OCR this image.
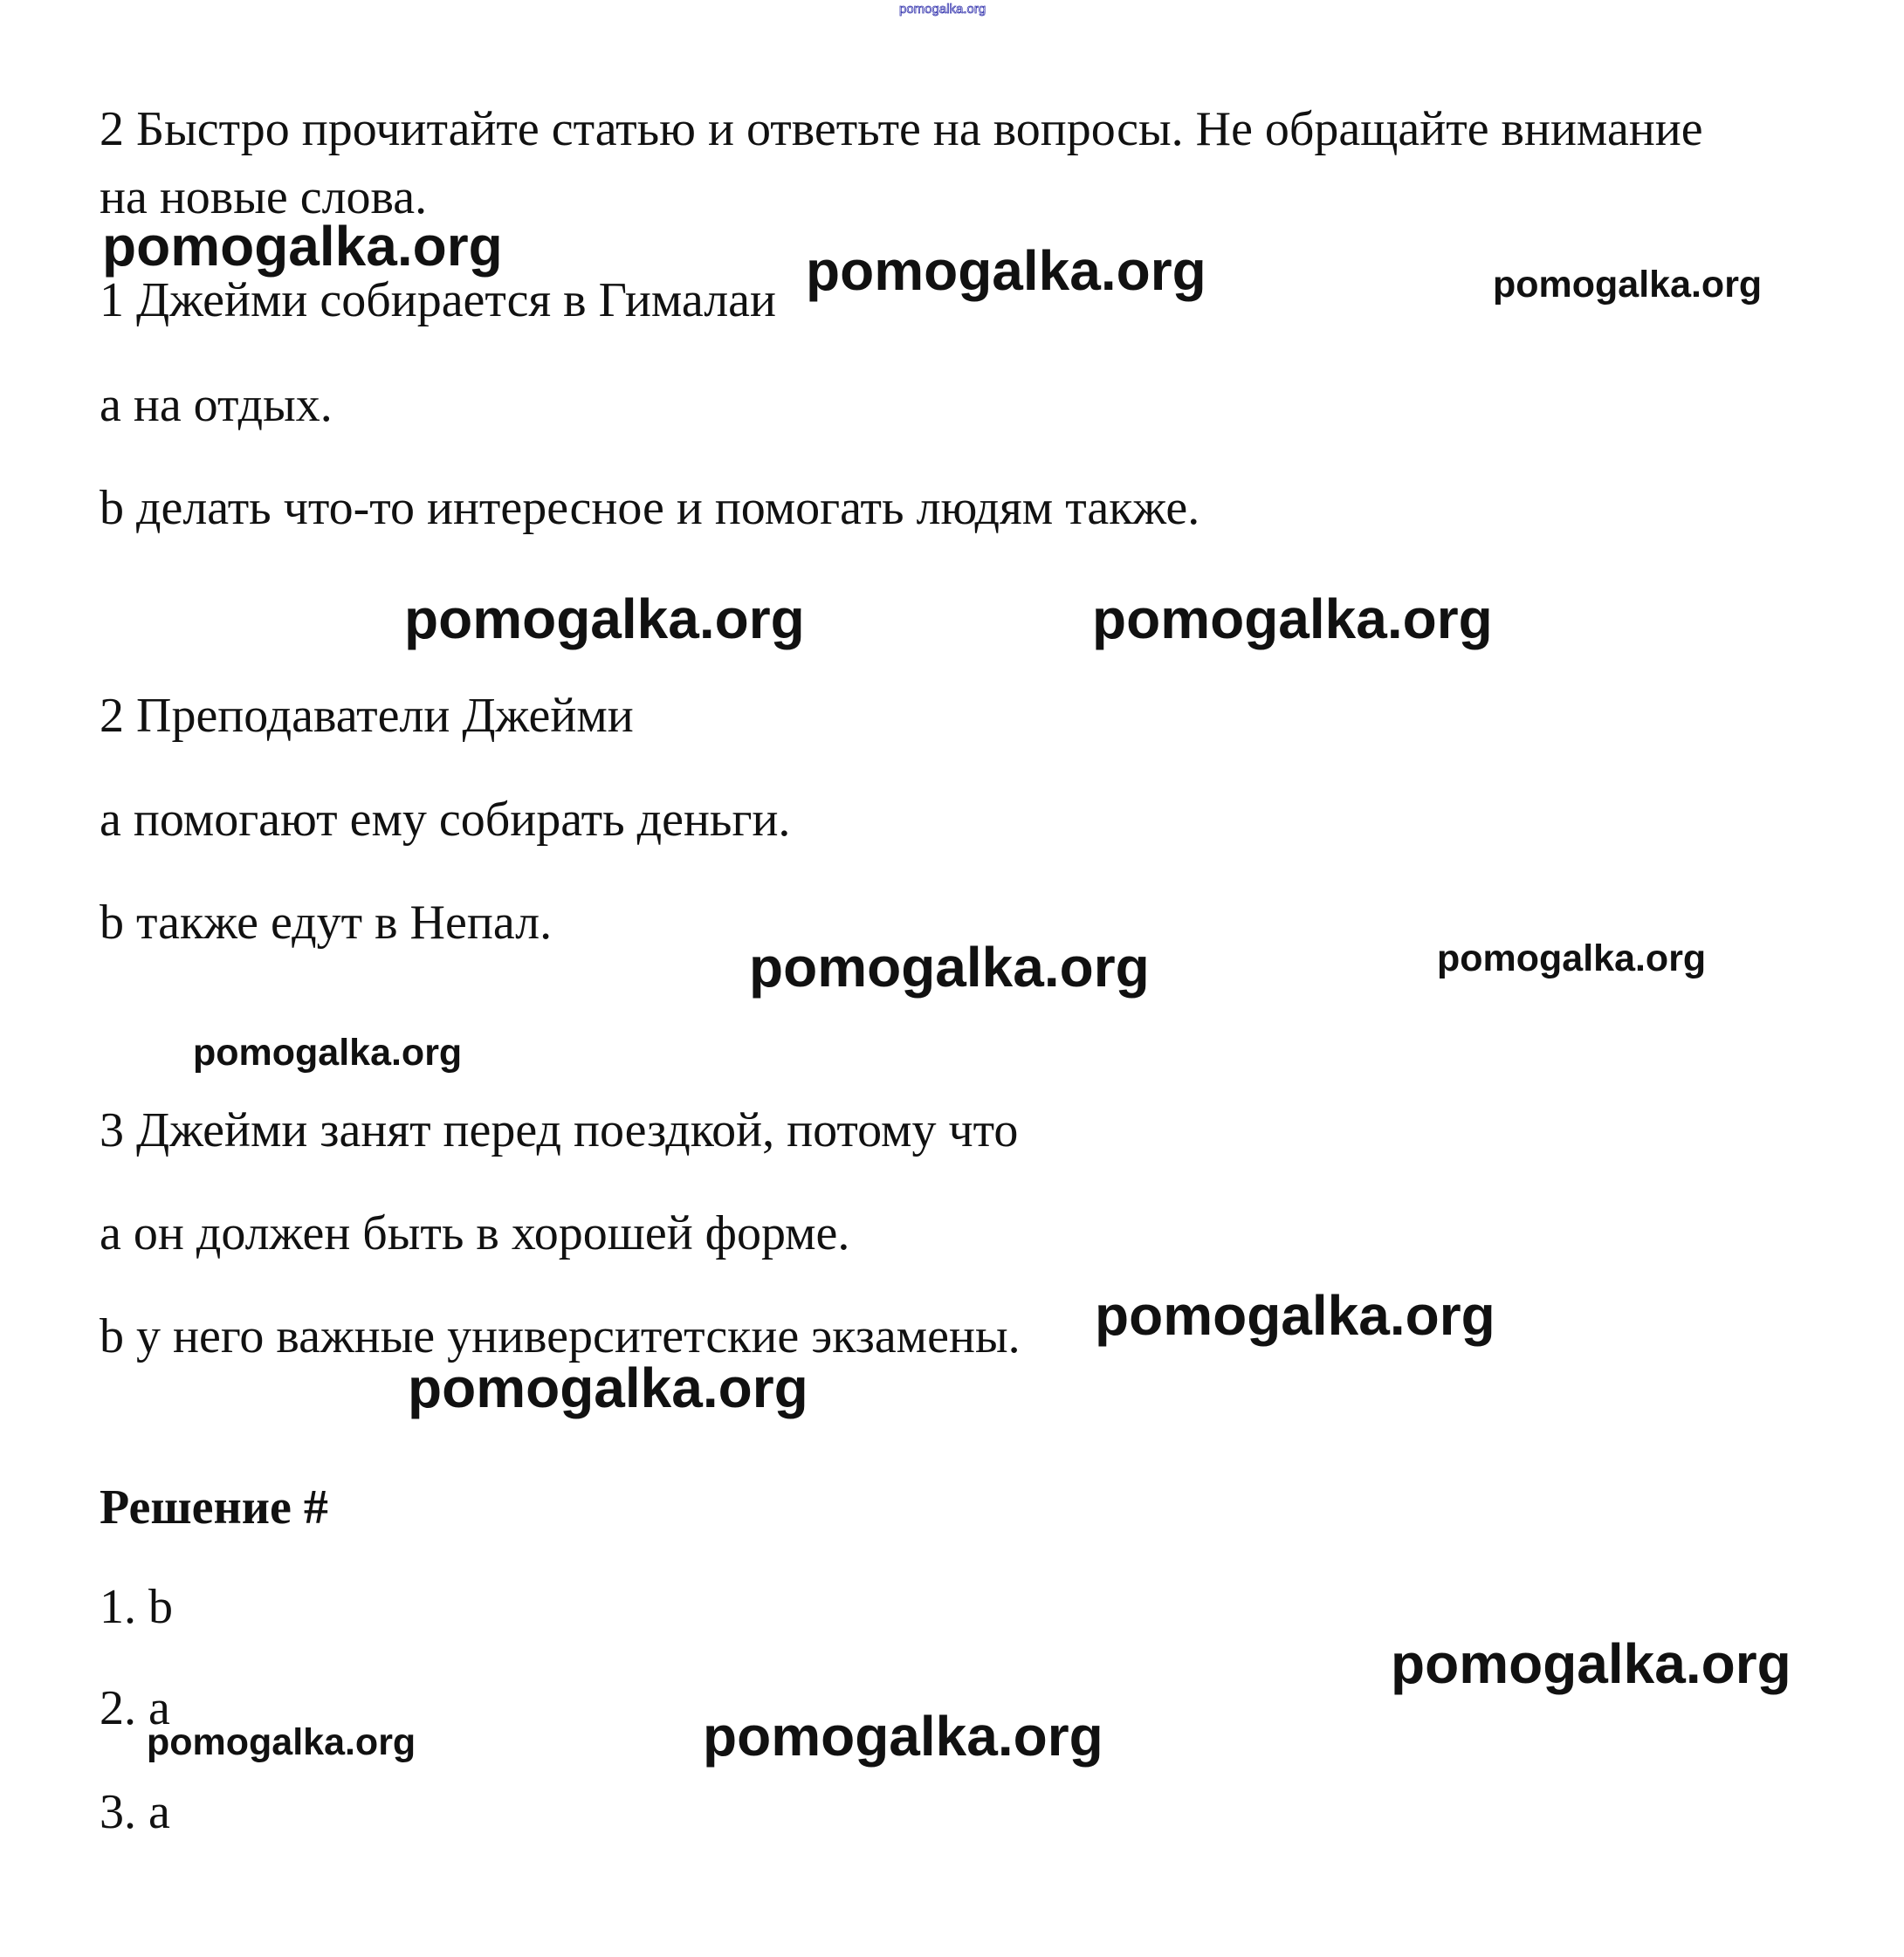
pomogalka.org
2 Быстро прочитайте статью и ответьте на вопросы. Не обращайте внимание
на новые слова.
1 Джейми собирается в Гималаи
a на отдых.
b делать что-то интересное и помогать людям также.
2 Преподаватели Джейми
a помогают ему собирать деньги.
b также едут в Непал.
3 Джейми занят перед поездкой, потому что
a он должен быть в хорошей форме.
b у него важные университетские экзамены.
Решение #
1. b
2. a
3. a
pomogalka.org	pomogalka.org	pomogalka.org
pomogalka.org	pomogalka.org
pomogalka.org	pomogalka.org
pomogalka.org
pomogalka.org
pomogalka.org
pomogalka.org
pomogalka.org	pomogalka.org
